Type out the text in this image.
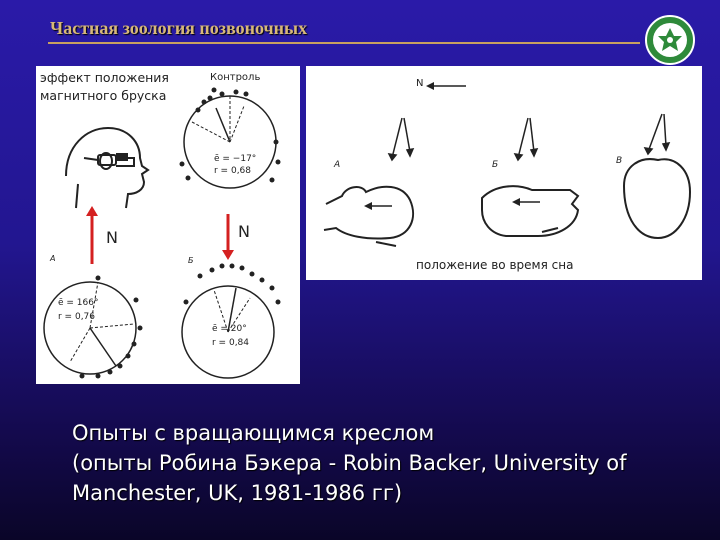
Частная зоология позвоночных
эффект положения
магнитного бруска
Контроль
ē = −17°
r = 0,68
N	N
А	Б
ē = 166°
r = 0,76
ē = 20°
r = 0,84
N
А	Б	В
положение во время сна
Опыты с вращающимся креслом
(опыты Робина Бэкера - Robin Backer, University of
Manchester, UK, 1981-1986 гг)
